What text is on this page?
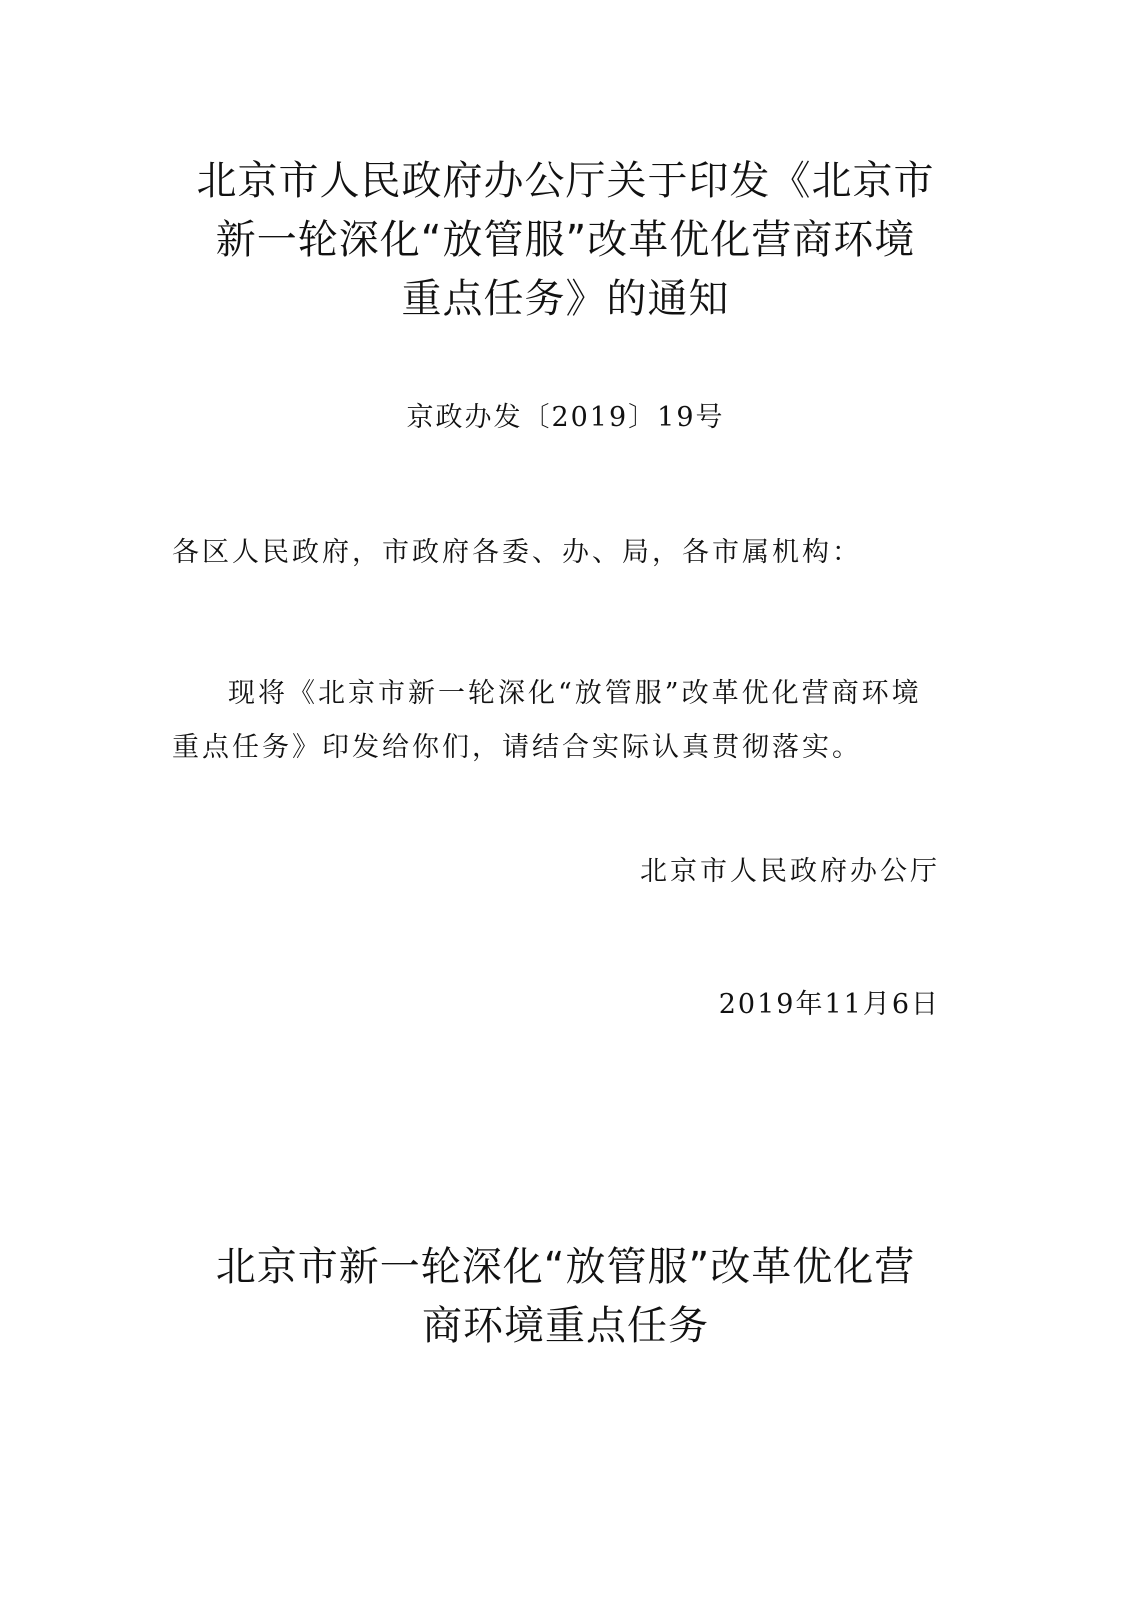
北京市人民政府办公厅关于印发《北京市
新一轮深化“放管服”改革优化营商环境
重点任务》的通知
京政办发〔2019〕19号
各区人民政府，市政府各委、办、局，各市属机构：
现将《北京市新一轮深化“放管服”改革优化营商环境
重点任务》印发给你们，请结合实际认真贯彻落实。
北京市人民政府办公厅
2019年11月6日
北京市新一轮深化“放管服”改革优化营
商环境重点任务
